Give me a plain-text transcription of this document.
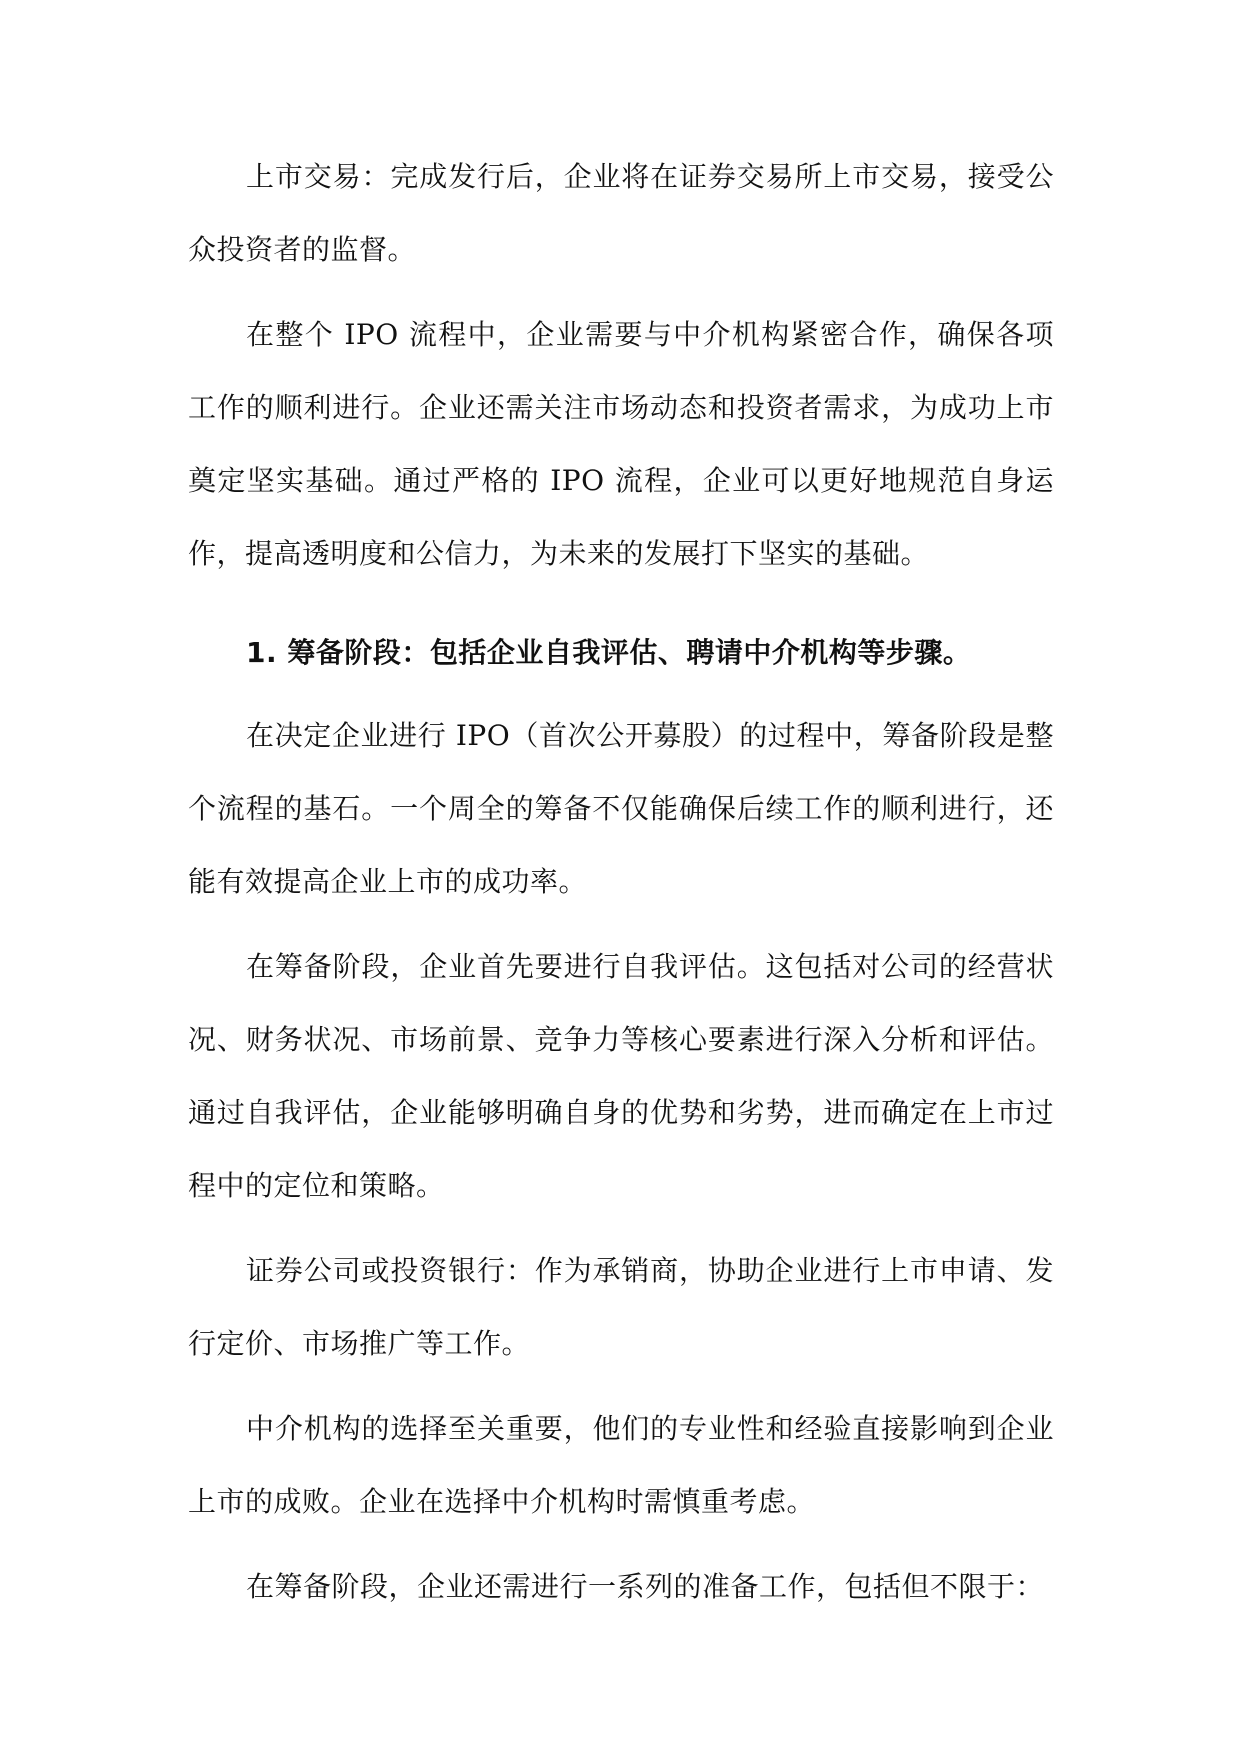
上市交易：完成发行后，企业将在证券交易所上市交易，接受公众投资者的监督。

在整个 IPO 流程中，企业需要与中介机构紧密合作，确保各项工作的顺利进行。企业还需关注市场动态和投资者需求，为成功上市奠定坚实基础。通过严格的 IPO 流程，企业可以更好地规范自身运作，提高透明度和公信力，为未来的发展打下坚实的基础。

1. 筹备阶段：包括企业自我评估、聘请中介机构等步骤。

在决定企业进行 IPO（首次公开募股）的过程中，筹备阶段是整个流程的基石。一个周全的筹备不仅能确保后续工作的顺利进行，还能有效提高企业上市的成功率。

在筹备阶段，企业首先要进行自我评估。这包括对公司的经营状况、财务状况、市场前景、竞争力等核心要素进行深入分析和评估。通过自我评估，企业能够明确自身的优势和劣势，进而确定在上市过程中的定位和策略。

证券公司或投资银行：作为承销商，协助企业进行上市申请、发行定价、市场推广等工作。

中介机构的选择至关重要，他们的专业性和经验直接影响到企业上市的成败。企业在选择中介机构时需慎重考虑。

在筹备阶段，企业还需进行一系列的准备工作，包括但不限于：
